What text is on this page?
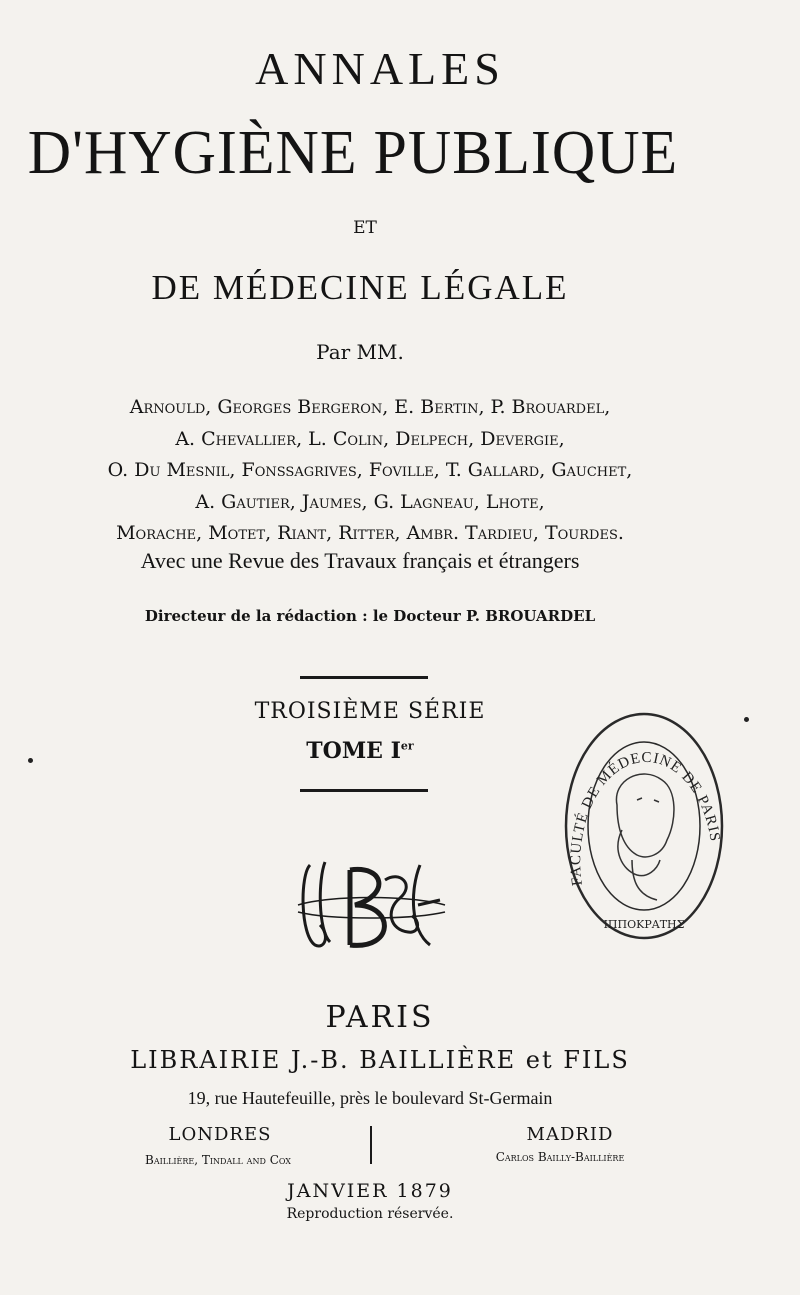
ANNALES
D'HYGIÈNE PUBLIQUE
ET
DE MÉDECINE LÉGALE
Par MM.
Arnould, Georges Bergeron, E. Bertin, P. Brouardel,
A. Chevallier, L. Colin, Delpech, Devergie,
O. Du Mesnil, Fonssagrives, Foville, T. Gallard, Gauchet,
A. Gautier, Jaumes, G. Lagneau, Lhote,
Morache, Motet, Riant, Ritter, Ambr. Tardieu, Tourdes.
Avec une Revue des Travaux français et étrangers
Directeur de la rédaction : le Docteur P. BROUARDEL
TROISIÈME SÉRIE
TOME Ier
FACULTÉ DE MÉDECINE DE PARIS
ΙΠΠΟΚΡΑΤΗΣ
PARIS
LIBRAIRIE J.-B. BAILLIÈRE et FILS
19, rue Hautefeuille, près le boulevard St-Germain
LONDRES	MADRID
Baillière, Tindall and Cox	Carlos Bailly-Baillière
JANVIER 1879
Reproduction réservée.
